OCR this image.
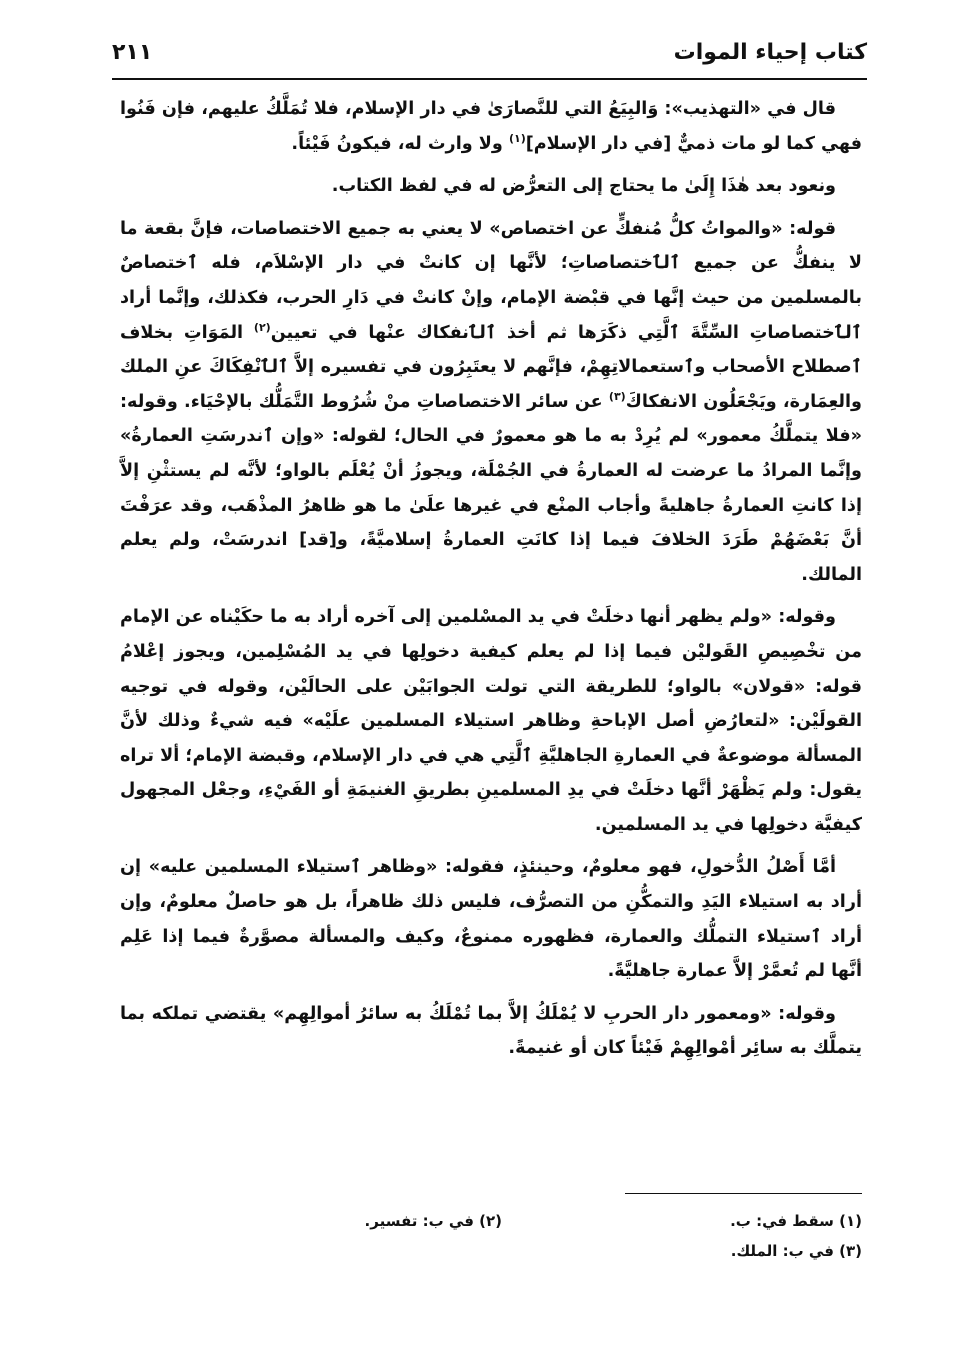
كتاب إحياء الموات
٢١١

قال في «التهذيب»: وَالبِيَعُ التي للنَّصارَىٰ في دار الإسلام، فلا تُمَلَّكُ عليهم، فإن فَنُوا فهي كما لو مات ذميٌّ [في دار الإسلام]$^{(١)}$ ولا وارث له، فيكونُ فَيْئاً.

ونعود بعد هٰذَا إِلَىٰ ما يحتاج إلى التعرُّض له في لفظ الكتاب.

قوله: «والمواتُ كلُّ مُنفكٍّ عن اختصاص» لا يعني به جميع الاختصاصات، فإنَّ بقعة ما لا ينفكُّ عن جميع ٱلٱختصاصاتِ؛ لأنَّها إن كانتْ في دار الإسْلاَم، فله ٱختصاصٌ بالمسلمين من حيث إنَّها في قبْضة الإمام، وإنْ كانتْ في دَارِ الحرب، فكذلك، وإنَّما أراد ٱلٱختصاصاتِ السِّتَّةَ ٱلَّتِي ذكَرَها ثم أخذ ٱلٱنفكاك عنْها في تعيين$^{(٢)}$ المَوَاتِ بخلاف ٱصطلاح الأصحاب وٱستعمالاتِهِمْ، فإنَّهم لا يعتَبِرُون في تفسيره إلاَّ ٱلٱنْفِكَاكَ عنِ الملك والعِمَارة، ويَجْعَلُون الانفكاكَ$^{(٣)}$ عن سائر الاختصاصاتِ منْ شُرُوط التَّمَلُّك بالإحْيَاء. وقوله: «فلا يتملَّكُ معمور» لم يُرِدْ به ما هو معمورٌ في الحال؛ لقوله: «وإن ٱندرسَتِ العمارةُ» وإنَّما المرادُ ما عرضت له العمارةُ في الجُمْلَة، ويجوزُ أنْ يُعْلَم بالواو؛ لأنَّه لم يستثْنِ إلاَّ إذا كانتِ العمارةُ جاهليةً وأجاب المنْع في غيرها علَىٰ ما هو ظاهرُ المذْهَب، وقد عرَفْتَ أنَّ بَعْضَهُمْ طَرَدَ الخلافَ فيما إذا كانَتِ العمارةُ إسلاميَّةً، و[قد] اندرسَتْ، ولم يعلم المالك.

وقوله: «ولم يظهر أنها دخلَتْ في يد المسْلمين إلى آخره أراد به ما حكَيْناه عن الإمام من تخْصِيصِ القَوليْن فيما إذا لم يعلم كيفية دخولِها في يد المُسْلِمين، ويجوز إعْلامُ قوله: «قولان» بالواو؛ للطريقة التي تولت الجوابَيْن على الحالَيْن، وقوله في توجيه القولَيْن: «لتعارُضِ أصل الإباحةِ وظاهر استيلاء المسلمين علَيْه» فيه شيءٌ وذلك لأنَّ المسألة موضوعةٌ في العمارةِ الجاهليَّةِ ٱلَّتِي هي في دار الإسلام، وقبضة الإمام؛ ألا تراه يقول: ولم يَظْهَرْ أنَّها دخلَتْ في يدِ المسلمينِ بطريقِ الغنيمَةِ أو الفَيْءِ، وجعْل المجهول كيفيَّة دخولِها في يد المسلمين.

أمَّا أَصْلُ الدُّخولِ، فهو معلومٌ، وحينئذٍ، فقوله: «وظاهر ٱستيلاء المسلمين عليه» إن أراد به استيلاء اليَدِ والتمكُّنِ من التصرُّف، فليس ذلك ظاهراً، بل هو حاصلٌ معلومٌ، وإن أراد ٱستيلاء التملُّك والعمارة، فظهوره ممنوعٌ، وكيف والمسألة مصوَّرةٌ فيما إذا عَلِم أنَّها لم تُعمَّرْ إلاَّ عمارة جاهليَّةً.

وقوله: «ومعمور دار الحربِ لا يُمْلَكُ إلاَّ بما تُمْلَكُ به سائرُ أموالِهِم» يقتضي تملكه بما يتملَّك به سائِر أمْوالِهِمْ فَيْئاً كان أو غنيمةً.

(١) سقط في: ب.
(٢) في ب: تفسير.
(٣) في ب: الملك.
